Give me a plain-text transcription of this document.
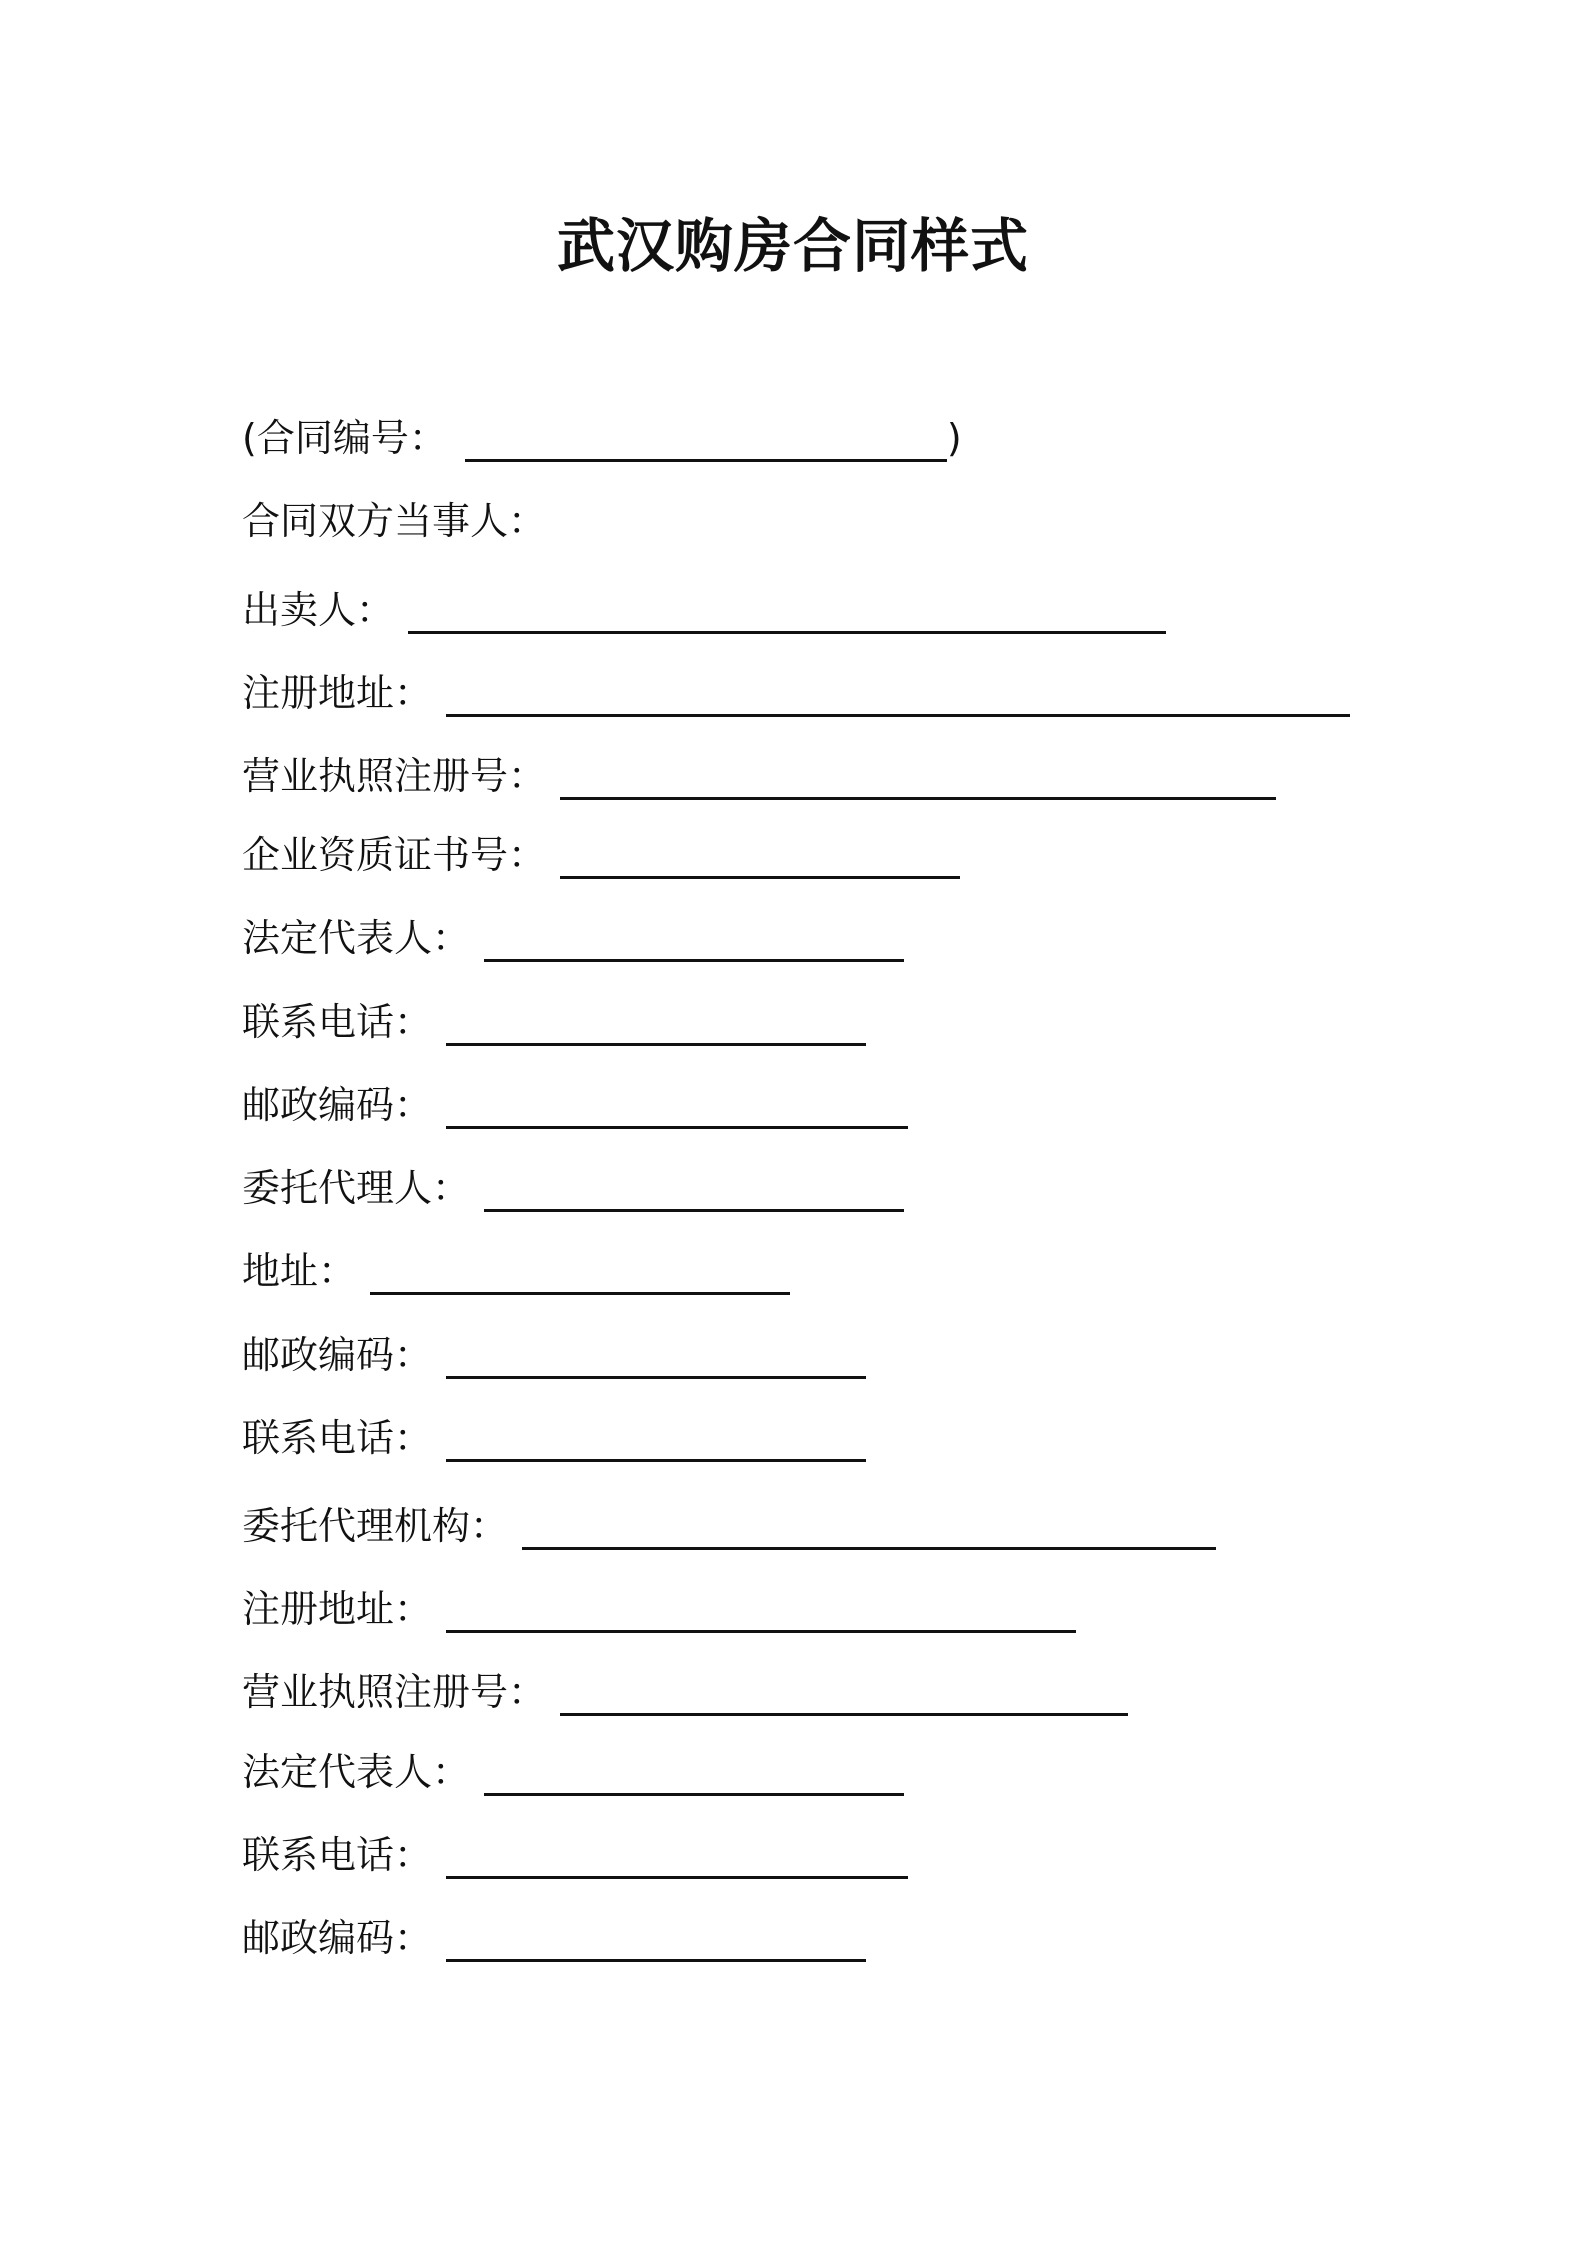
武汉购房合同样式
(合同编号：	)
合同双方当事人：
出卖人：
注册地址：
营业执照注册号：
企业资质证书号：
法定代表人：
联系电话：
邮政编码：
委托代理人：
地址：
邮政编码：
联系电话：
委托代理机构：
注册地址：
营业执照注册号：
法定代表人：
联系电话：
邮政编码：
